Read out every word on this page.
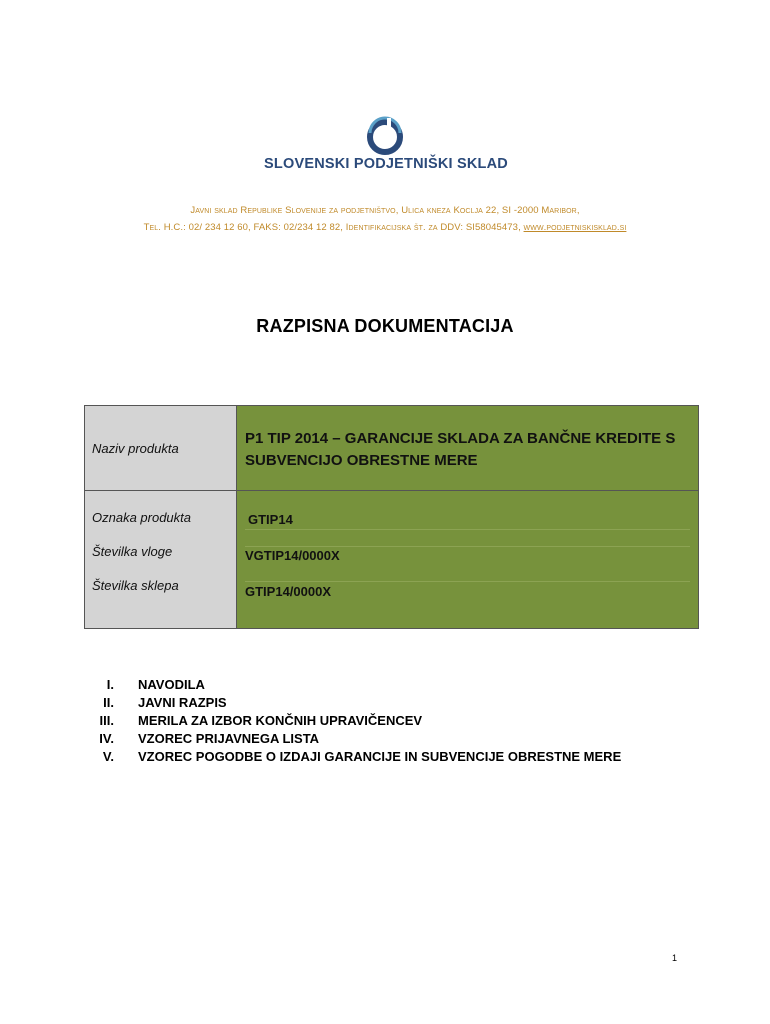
SLOVENSKI PODJETNIŠKI SKLAD
Javni sklad Republike Slovenije za podjetništvo, Ulica kneza Koclja 22, SI -2000 Maribor,
Tel. H.C.: 02/ 234 12 60, FAKS: 02/234 12 82, Identifikacijska št. za DDV: SI58045473, www.podjetniskisklad.si
RAZPISNA DOKUMENTACIJA
Naziv produkta
Oznaka produkta
Številka vloge
Številka sklepa
P1 TIP 2014 – GARANCIJE SKLADA ZA BANČNE KREDITE S SUBVENCIJO OBRESTNE MERE
GTIP14
VGTIP14/0000X
GTIP14/0000X
I. NAVODILA
II. JAVNI RAZPIS
III. MERILA ZA IZBOR KONČNIH UPRAVIČENCEV
IV. VZOREC PRIJAVNEGA LISTA
V. VZOREC POGODBE O IZDAJI GARANCIJE IN SUBVENCIJE OBRESTNE MERE
1
